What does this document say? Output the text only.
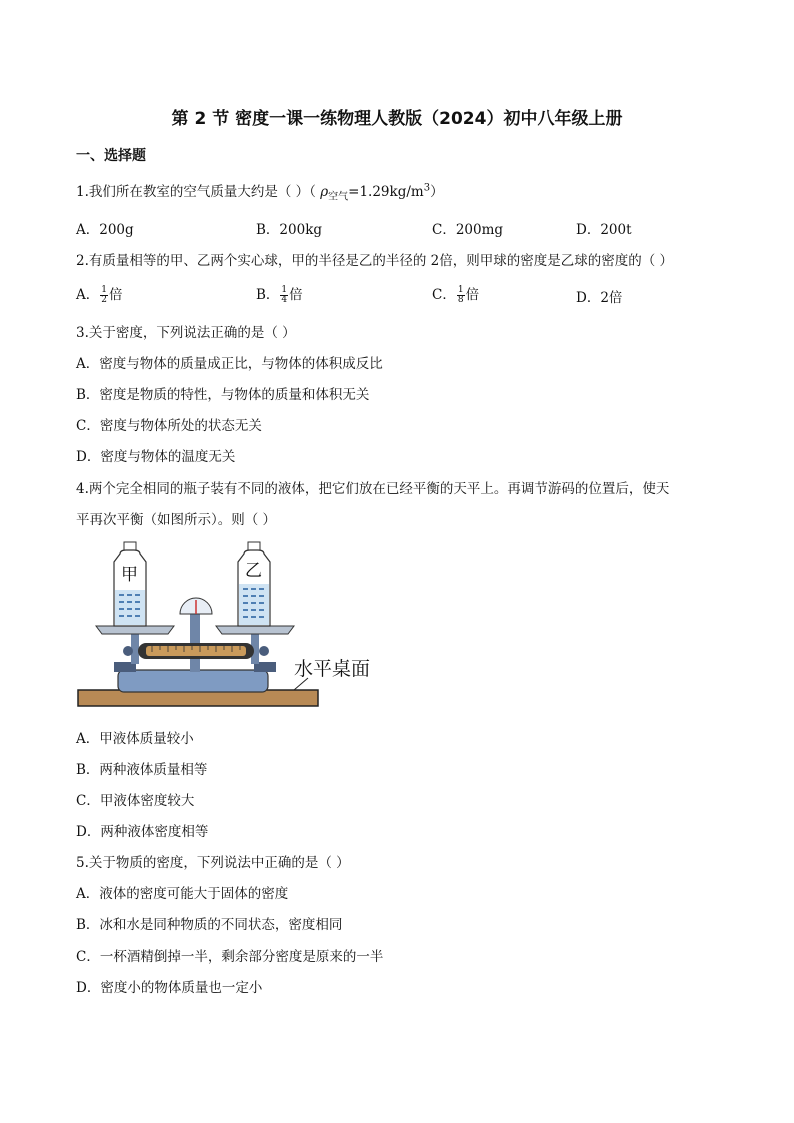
第 2 节 密度一课一练物理人教版（2024）初中八年级上册
一、选择题
1.我们所在教室的空气质量大约是（ ）（ $\rho_{空气}=1.29kg/m^3$）
A．200g	B．200kg	C．200mg	D．200t
2.有质量相等的甲、乙两个实心球，甲的半径是乙的半径的 2倍，则甲球的密度是乙球的密度的（ ）
A． $\frac{1}{2}$ 倍	B． $\frac{1}{4}$ 倍	C． $\frac{1}{8}$ 倍	D．2倍
3.关于密度，下列说法正确的是（ ）
A．密度与物体的质量成正比，与物体的体积成反比
B．密度是物质的特性，与物体的质量和体积无关
C．密度与物体所处的状态无关
D．密度与物体的温度无关
4.两个完全相同的瓶子装有不同的液体，把它们放在已经平衡的天平上。再调节游码的位置后，使天
平再次平衡（如图所示）。则（ ）
水平桌面
甲	乙
A．甲液体质量较小
B．两种液体质量相等
C．甲液体密度较大
D．两种液体密度相等
5.关于物质的密度，下列说法中正确的是（ ）
A．液体的密度可能大于固体的密度
B．冰和水是同种物质的不同状态，密度相同
C．一杯酒精倒掉一半，剩余部分密度是原来的一半
D．密度小的物体质量也一定小
